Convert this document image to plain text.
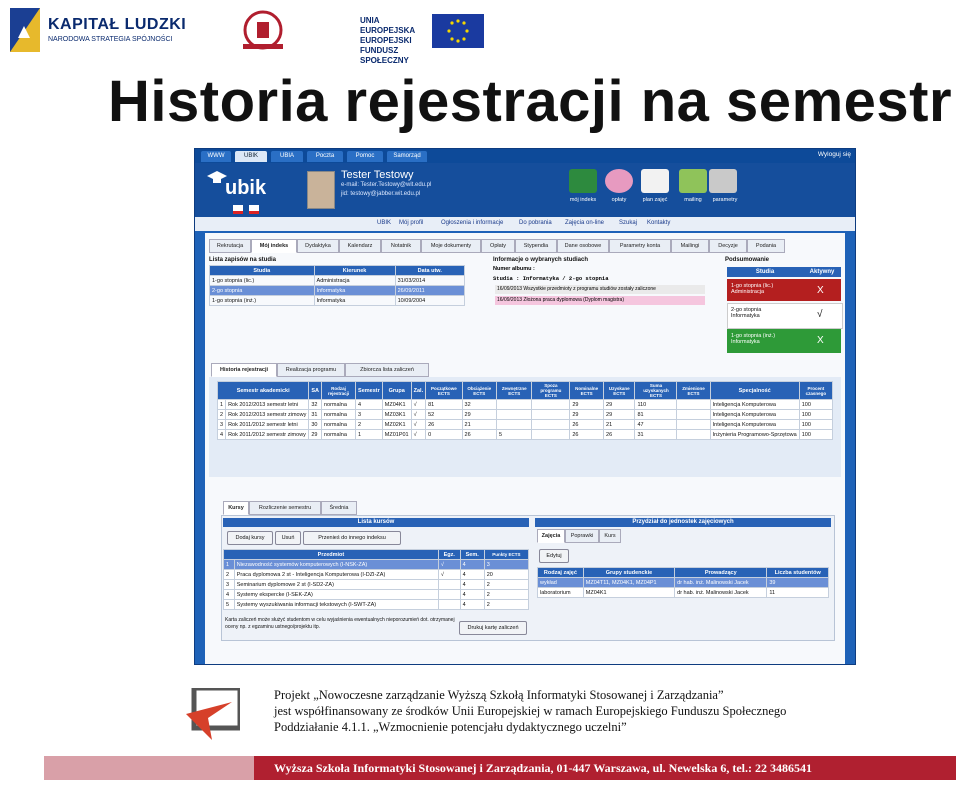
KAPITAŁ LUDZKI
NARODOWA STRATEGIA SPÓJNOŚCI
UNIA EUROPEJSKA EUROPEJSKI FUNDUSZ SPOŁECZNY
Historia rejestracji na semestr
WWW	UBIK	UBIA	Poczta	Pomoc	Samorząd	Wyloguj się
ubik
Tester Testowy
e-mail: Tester.Testowy@wit.edu.pl
jid: testowy@jabber.wit.edu.pl
mój indeks	opłaty	plan zajęć	mailing	parametry
UBIK Mój profil	Ogłoszenia i informacje	Do pobrania Zajęcia on-line Szukaj Kontakty
Rekrutacja	Mój indeks	Dydaktyka	Kalendarz	Notatnik	Moje dokumenty	Opłaty	Stypendia	Dane osobowe	Parametry konta	Mailingi	Decyzje	Podania
Lista zapisów na studia
Studia	Kierunek	Data utw.
1-go stopnia (lic.)	Administracja	31/03/2014
2-go stopnia	Informatyka	26/09/2011
1-go stopnia (inż.)	Informatyka	10/09/2004
Informacje o wybranych studiach
Numer albumu :
Studia : Informatyka / 2-go stopnia
16/09/2013 Wszystkie przedmioty z programu studiów zostały zaliczone
16/09/2013 Złożona praca dyplomowa (Dyplom magistra)
Podsumowanie
Studia	Aktywny
1-go stopnia (lic.) Administracja	X
2-go stopnia Informatyka	√
1-go stopnia (inż.) Informatyka	X
Historia rejestracji	Realizacja programu	Zbiorcza lista zaliczeń
Semestr akademicki		SA	Rodzaj rejestracji	Semestr	Grupa	Zal.	Początkowe ECTS	Obciążenie ECTS	Zewnętrzne ECTS	Spoza programu ECTS	Nominalne ECTS	Uzyskane ECTS	Suma uzyskanych ECTS	Zmienione ECTS	Specjalność	Procent czasnego
1	Rok 2012/2013 semestr letni	32	normalna	4	MZ04K1	√	81	32			29	29	110		Inteligencja Komputerowa	100
2	Rok 2012/2013 semestr zimowy	31	normalna	3	MZ03K1	√	52	29			29	29	81		Inteligencja Komputerowa	100
3	Rok 2011/2012 semestr letni	30	normalna	2	MZ02K1	√	26	21			26	21	47		Inteligencja Komputerowa	100
4	Rok 2011/2012 semestr zimowy	29	normalna	1	MZ01P01	√	0	26	5		26	26	31		Inżynieria Programowo-Sprzętowa	100
Kursy	Rozliczenie semestru	Średnia
Lista kursów
Dodaj kursy	Usuń	Przenieś do innego indeksu
Przedmiot		Egz.	Sem.	Punkty ECTS
1	Niezawodność systemów komputerowych (I-NSK-ZA)	√	4	3
2	Praca dyplomowa 2 st - Inteligencja Komputerowa (I-DZI-ZA)	√	4	20
3	Seminarium dyplomowe 2 st (I-SD2-ZA)		4	2
4	Systemy ekspercke (I-SEK-ZA)		4	2
5	Systemy wyszukiwania informacji tekstowych (I-SWT-ZA)		4	2
Karta zaliczeń może służyć studentom w celu wyjaśnienia ewentualnych nieporozumień dot. otrzymanej oceny np. z egzaminu ustnego/projektu itp.	Drukuj kartę zaliczeń
Przydział do jednostek zajęciowych
Zajęcia	Poprawki	Kurs
Edytuj
Rodzaj zajęć	Grupy studenckie	Prowadzący	Liczba studentów
wykład	MZ04T11, MZ04K1, MZ04P1	dr hab. inż. Malinowski Jacek	39
laboratorium	MZ04K1	dr hab. inż. Malinowski Jacek	11
Projekt „Nowoczesne zarządzanie Wyższą Szkołą Informatyki Stosowanej i Zarządzania”
jest współfinansowany ze środków Unii Europejskiej w ramach Europejskiego Funduszu Społecznego
Poddziałanie 4.1.1. „Wzmocnienie potencjału dydaktycznego uczelni”
Wyższa Szkoła Informatyki Stosowanej i Zarządzania, 01-447 Warszawa, ul. Newelska 6, tel.: 22 3486541
